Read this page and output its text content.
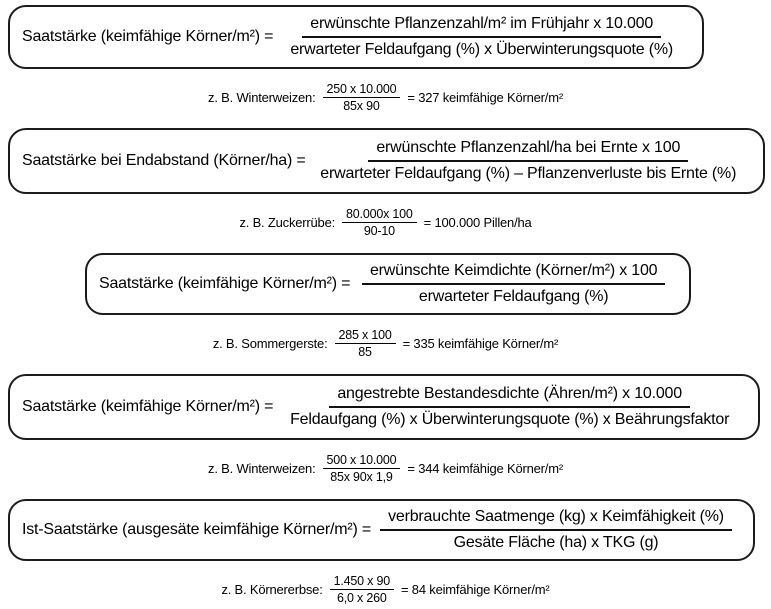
Saatstärke (keimfähige Körner/m²) = $\frac{\text{erwünschte Pflanzenzahl/m² im Frühjahr x 10.000}}{\text{erwarteter Feldaufgang (\%) x Überwinterungsquote (\%)}}$
z. B. Winterweizen: $\frac{250 x 10.000}{85x 90} = 327$ keimfähige Körner/m²
Saatstärke bei Endabstand (Körner/ha) = $\frac{\text{erwünschte Pflanzenzahl/ha bei Ernte x 100}}{\text{erwarteter Feldaufgang (\%) – Pflanzenverluste bis Ernte (\%)}}$
z. B. Zuckerrübe: $\frac{80.000x 100}{90-10} = 100.000$ Pillen/ha
Saatstärke (keimfähige Körner/m²) = $\frac{\text{erwünschte Keimdichte (Körner/m²) x 100}}{\text{erwarteter Feldaufgang (\%)}}$
z. B. Sommergerste: $\frac{285 x 100}{85} = 335$ keimfähige Körner/m²
Saatstärke (keimfähige Körner/m²) = $\frac{\text{angestrebte Bestandesdichte (Ähren/m²) x 10.000}}{\text{Feldaufgang (\%) x Überwinterungsquote (\%) x Beährungsfaktor}}$
z. B. Winterweizen: $\frac{500 x 10.000}{85x 90x 1,9} = 344$ keimfähige Körner/m²
Ist-Saatstärke (ausgesäte keimfähige Körner/m²) = $\frac{\text{verbrauchte Saatmenge (kg) x Keimfähigkeit (\%)}}{\text{Gesäte Fläche (ha) x TKG (g)}}$
z. B. Körnererbse: $\frac{1.450 x 90}{6,0 x 260} = 84$ keimfähige Körner/m²
